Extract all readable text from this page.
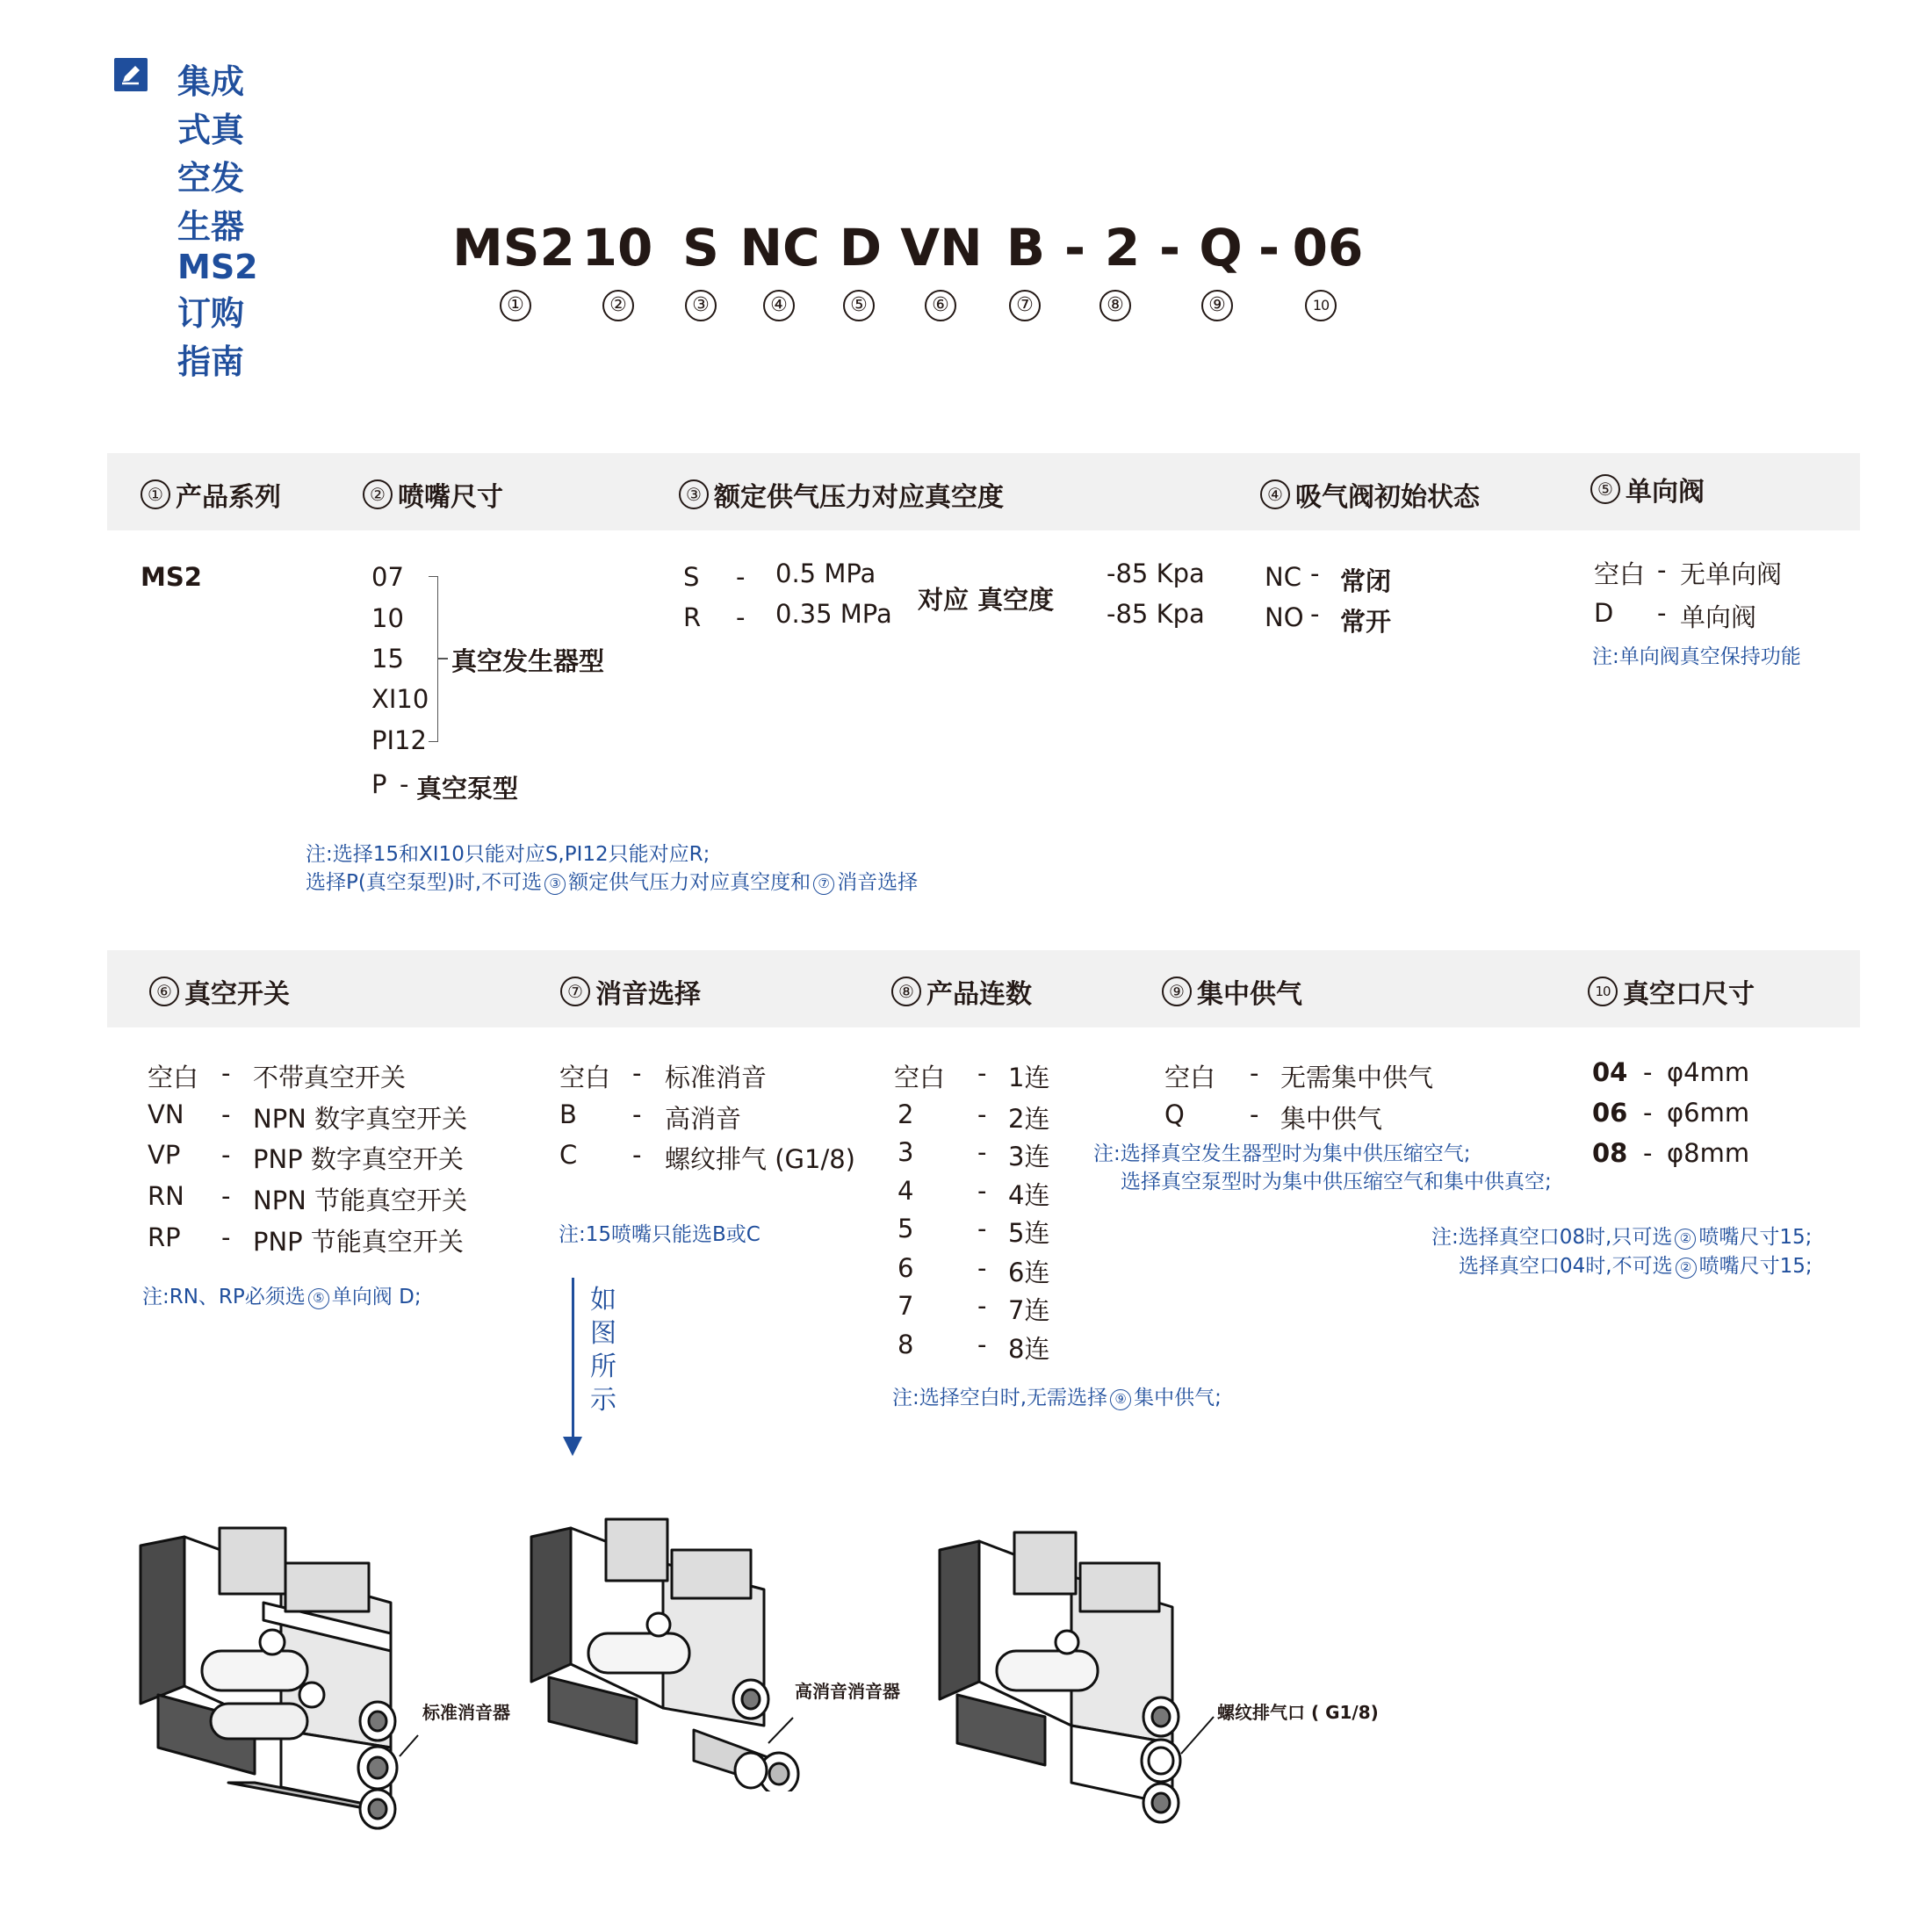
集成式真空发生器 MS2 订购指南
MS2 10 S NC D VN B - 2 - Q - 06
①	②	③	④	⑤	⑥	⑦	⑧	⑨	10
① 产品系列	② 喷嘴尺寸	③ 额定供气压力对应真空度	④ 吸气阀初始状态	⑤ 单向阀
MS2	07
10
15
XI10
PI12
真空发生器型
P - 真空泵型
S - 0.5 MPa	-85 Kpa
R - 0.35 MPa	-85 Kpa
对应 真空度
NC - 常闭
NO - 常开
空白 - 无单向阀
D - 单向阀
注:单向阀真空保持功能
注:选择15和XI10只能对应S,PI12只能对应R;
选择P(真空泵型)时,不可选 ③ 额定供气压力对应真空度和 ⑦ 消音选择
⑥ 真空开关	⑦ 消音选择	⑧ 产品连数	⑨ 集中供气	10 真空口尺寸
空白 - 不带真空开关
VN - NPN 数字真空开关
VP - PNP 数字真空开关
RN - NPN 节能真空开关
RP - PNP 节能真空开关
注:RN、RP必须选 ⑤ 单向阀 D;
空白 - 标准消音
B - 高消音
C - 螺纹排气 (G1/8)
注:15喷嘴只能选B或C
如
图
所
示
空白 - 1连
2	- 2连
3	- 3连
4	- 4连
5	- 5连
6	- 6连
7	- 7连
8	- 8连
注:选择空白时,无需选择 ⑨ 集中供气;
空白 - 无需集中供气
Q	- 集中供气
注:选择真空发生器型时为集中供压缩空气;
选择真空泵型时为集中供压缩空气和集中供真空;
04 - φ4mm
06 - φ6mm
08 - φ8mm
注:选择真空口08时,只可选 ② 喷嘴尺寸15;
选择真空口04时,不可选 ② 喷嘴尺寸15;
标准消音器
高消音消音器
螺纹排气口 ( G1/8)
